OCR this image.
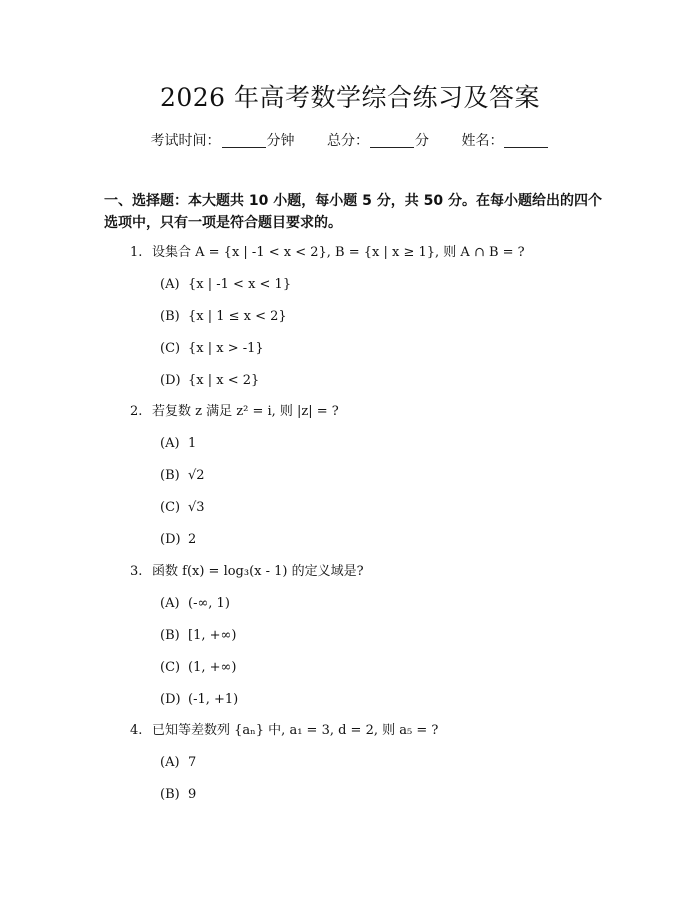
2026 年高考数学综合练习及答案
考试时间：	分钟 总分：	分 姓名：
一、选择题：本大题共 10 小题，每小题 5 分，共 50 分。在每小题给出的四个选项中，只有一项是符合题目要求的。
1. 设集合 A = {x | -1 < x < 2}, B = {x | x ≥ 1}, 则 A ∩ B = ?
(A) {x | -1 < x < 1}
(B) {x | 1 ≤ x < 2}
(C) {x | x > -1}
(D) {x | x < 2}
2. 若复数 z 满足 z² = i, 则 |z| = ?
(A) 1
(B) √2
(C) √3
(D) 2
3. 函数 f(x) = log₃(x - 1) 的定义域是?
(A) (-∞, 1)
(B) [1, +∞)
(C) (1, +∞)
(D) (-1, +1)
4. 已知等差数列 {aₙ} 中, a₁ = 3, d = 2, 则 a₅ = ?
(A) 7
(B) 9
